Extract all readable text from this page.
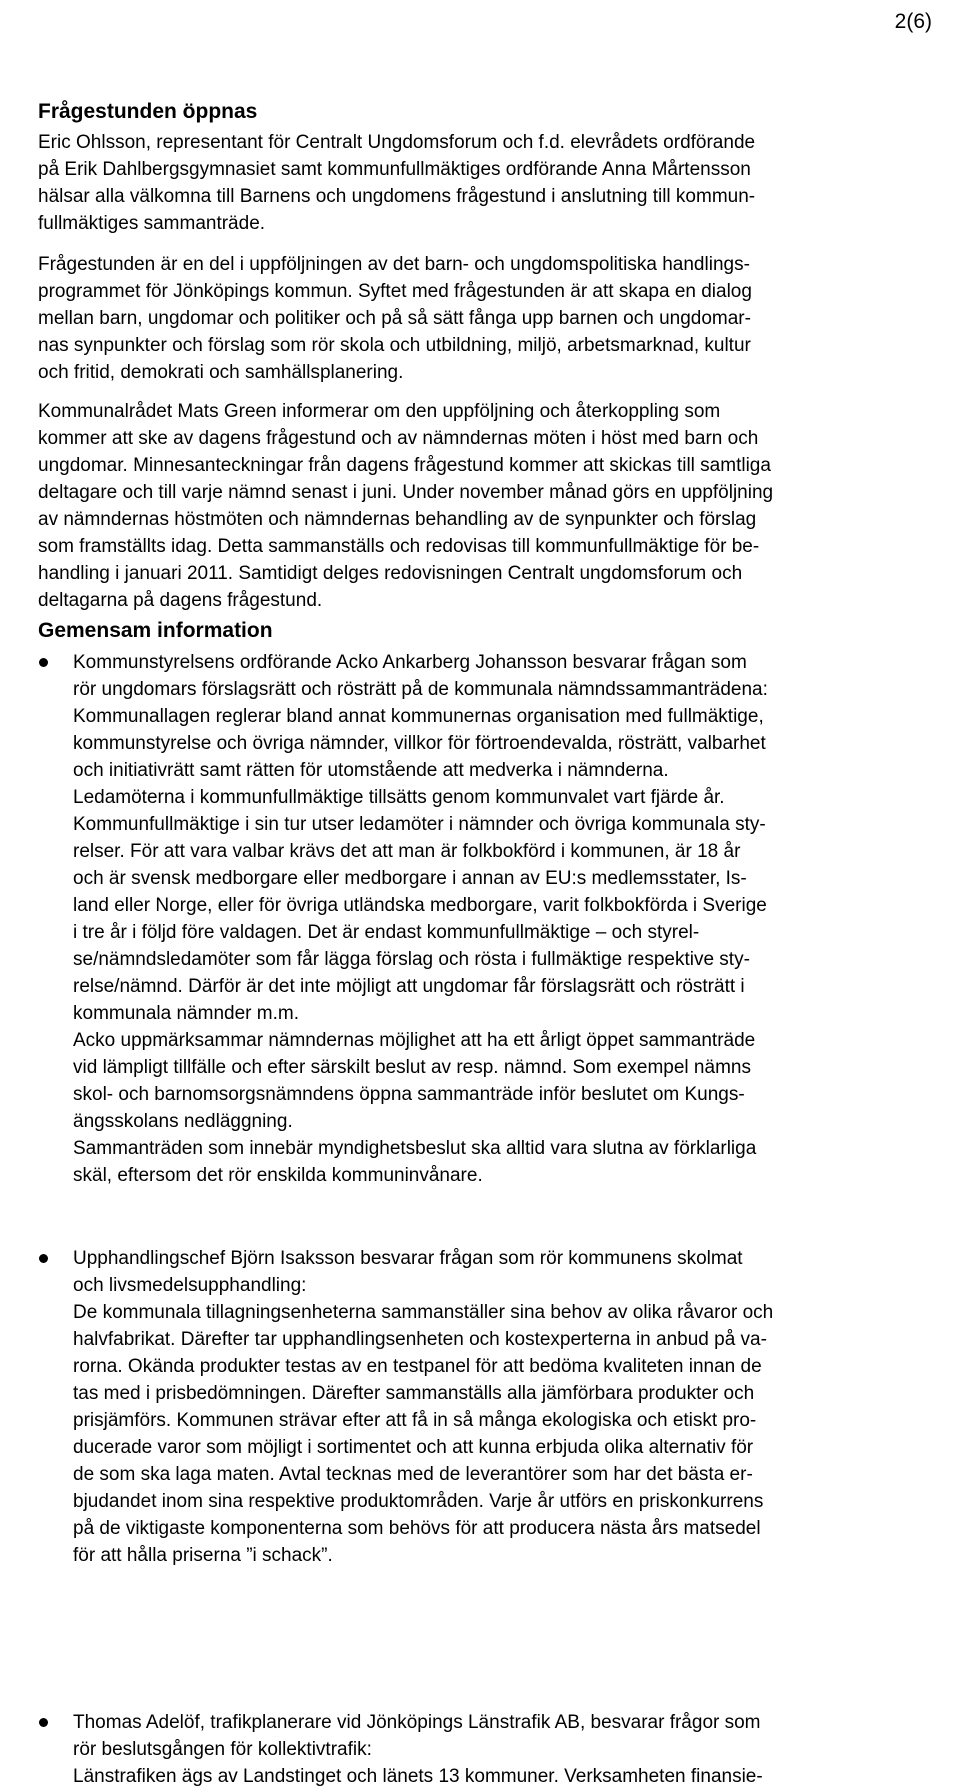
2(6)
Frågestunden öppnas

Eric Ohlsson, representant för Centralt Ungdomsforum och f.d. elevrådets ordförande
på Erik Dahlbergsgymnasiet samt kommunfullmäktiges ordförande Anna Mårtensson
hälsar alla välkomna till Barnens och ungdomens frågestund i anslutning till kommun-
fullmäktiges sammanträde.

Frågestunden är en del i uppföljningen av det barn- och ungdomspolitiska handlings-
programmet för Jönköpings kommun. Syftet med frågestunden är att skapa en dialog
mellan barn, ungdomar och politiker och på så sätt fånga upp barnen och ungdomar-
nas synpunkter och förslag som rör skola och utbildning, miljö, arbetsmarknad, kultur
och fritid, demokrati och samhällsplanering.

Kommunalrådet Mats Green informerar om den uppföljning och återkoppling som
kommer att ske av dagens frågestund och av nämndernas möten i höst med barn och
ungdomar. Minnesanteckningar från dagens frågestund kommer att skickas till samtliga
deltagare och till varje nämnd senast i juni. Under november månad görs en uppföljning
av nämndernas höstmöten och nämndernas behandling av de synpunkter och förslag
som framställts idag. Detta sammanställs och redovisas till kommunfullmäktige för be-
handling i januari 2011. Samtidigt delges redovisningen Centralt ungdomsforum och
deltagarna på dagens frågestund.

Gemensam information

Kommunstyrelsens ordförande Acko Ankarberg Johansson besvarar frågan som
rör ungdomars förslagsrätt och rösträtt på de kommunala nämndssammanträdena:
Kommunallagen reglerar bland annat kommunernas organisation med fullmäktige,
kommunstyrelse och övriga nämnder, villkor för förtroendevalda, rösträtt, valbarhet
och initiativrätt samt rätten för utomstående att medverka i nämnderna.
Ledamöterna i kommunfullmäktige tillsätts genom kommunvalet vart fjärde år.
Kommunfullmäktige i sin tur utser ledamöter i nämnder och övriga kommunala sty-
relser. För att vara valbar krävs det att man är folkbokförd i kommunen, är 18 år
och är svensk medborgare eller medborgare i annan av EU:s medlemsstater, Is-
land eller Norge, eller för övriga utländska medborgare, varit folkbokförda i Sverige
i tre år i följd före valdagen. Det är endast kommunfullmäktige – och styrel-
se/nämndsledamöter som får lägga förslag och rösta i fullmäktige respektive sty-
relse/nämnd. Därför är det inte möjligt att ungdomar får förslagsrätt och rösträtt i
kommunala nämnder m.m.
Acko uppmärksammar nämndernas möjlighet att ha ett årligt öppet sammanträde
vid lämpligt tillfälle och efter särskilt beslut av resp. nämnd. Som exempel nämns
skol- och barnomsorgsnämndens öppna sammanträde inför beslutet om Kungs-
ängsskolans nedläggning.
Sammanträden som innebär myndighetsbeslut ska alltid vara slutna av förklarliga
skäl, eftersom det rör enskilda kommuninvånare.

Upphandlingschef Björn Isaksson besvarar frågan som rör kommunens skolmat
och livsmedelsupphandling:
De kommunala tillagningsenheterna sammanställer sina behov av olika råvaror och
halvfabrikat. Därefter tar upphandlingsenheten och kostexperterna in anbud på va-
rorna. Okända produkter testas av en testpanel för att bedöma kvaliteten innan de
tas med i prisbedömningen. Därefter sammanställs alla jämförbara produkter och
prisjämförs. Kommunen strävar efter att få in så många ekologiska och etiskt pro-
ducerade varor som möjligt i sortimentet och att kunna erbjuda olika alternativ för
de som ska laga maten. Avtal tecknas med de leverantörer som har det bästa er-
bjudandet inom sina respektive produktområden. Varje år utförs en priskonkurrens
på de viktigaste komponenterna som behövs för att producera nästa års matsedel
för att hålla priserna ”i schack”.

Thomas Adelöf, trafikplanerare vid Jönköpings Länstrafik AB, besvarar frågor som
rör beslutsgången för kollektivtrafik:
Länstrafiken ägs av Landstinget och länets 13 kommuner. Verksamheten finansie-
